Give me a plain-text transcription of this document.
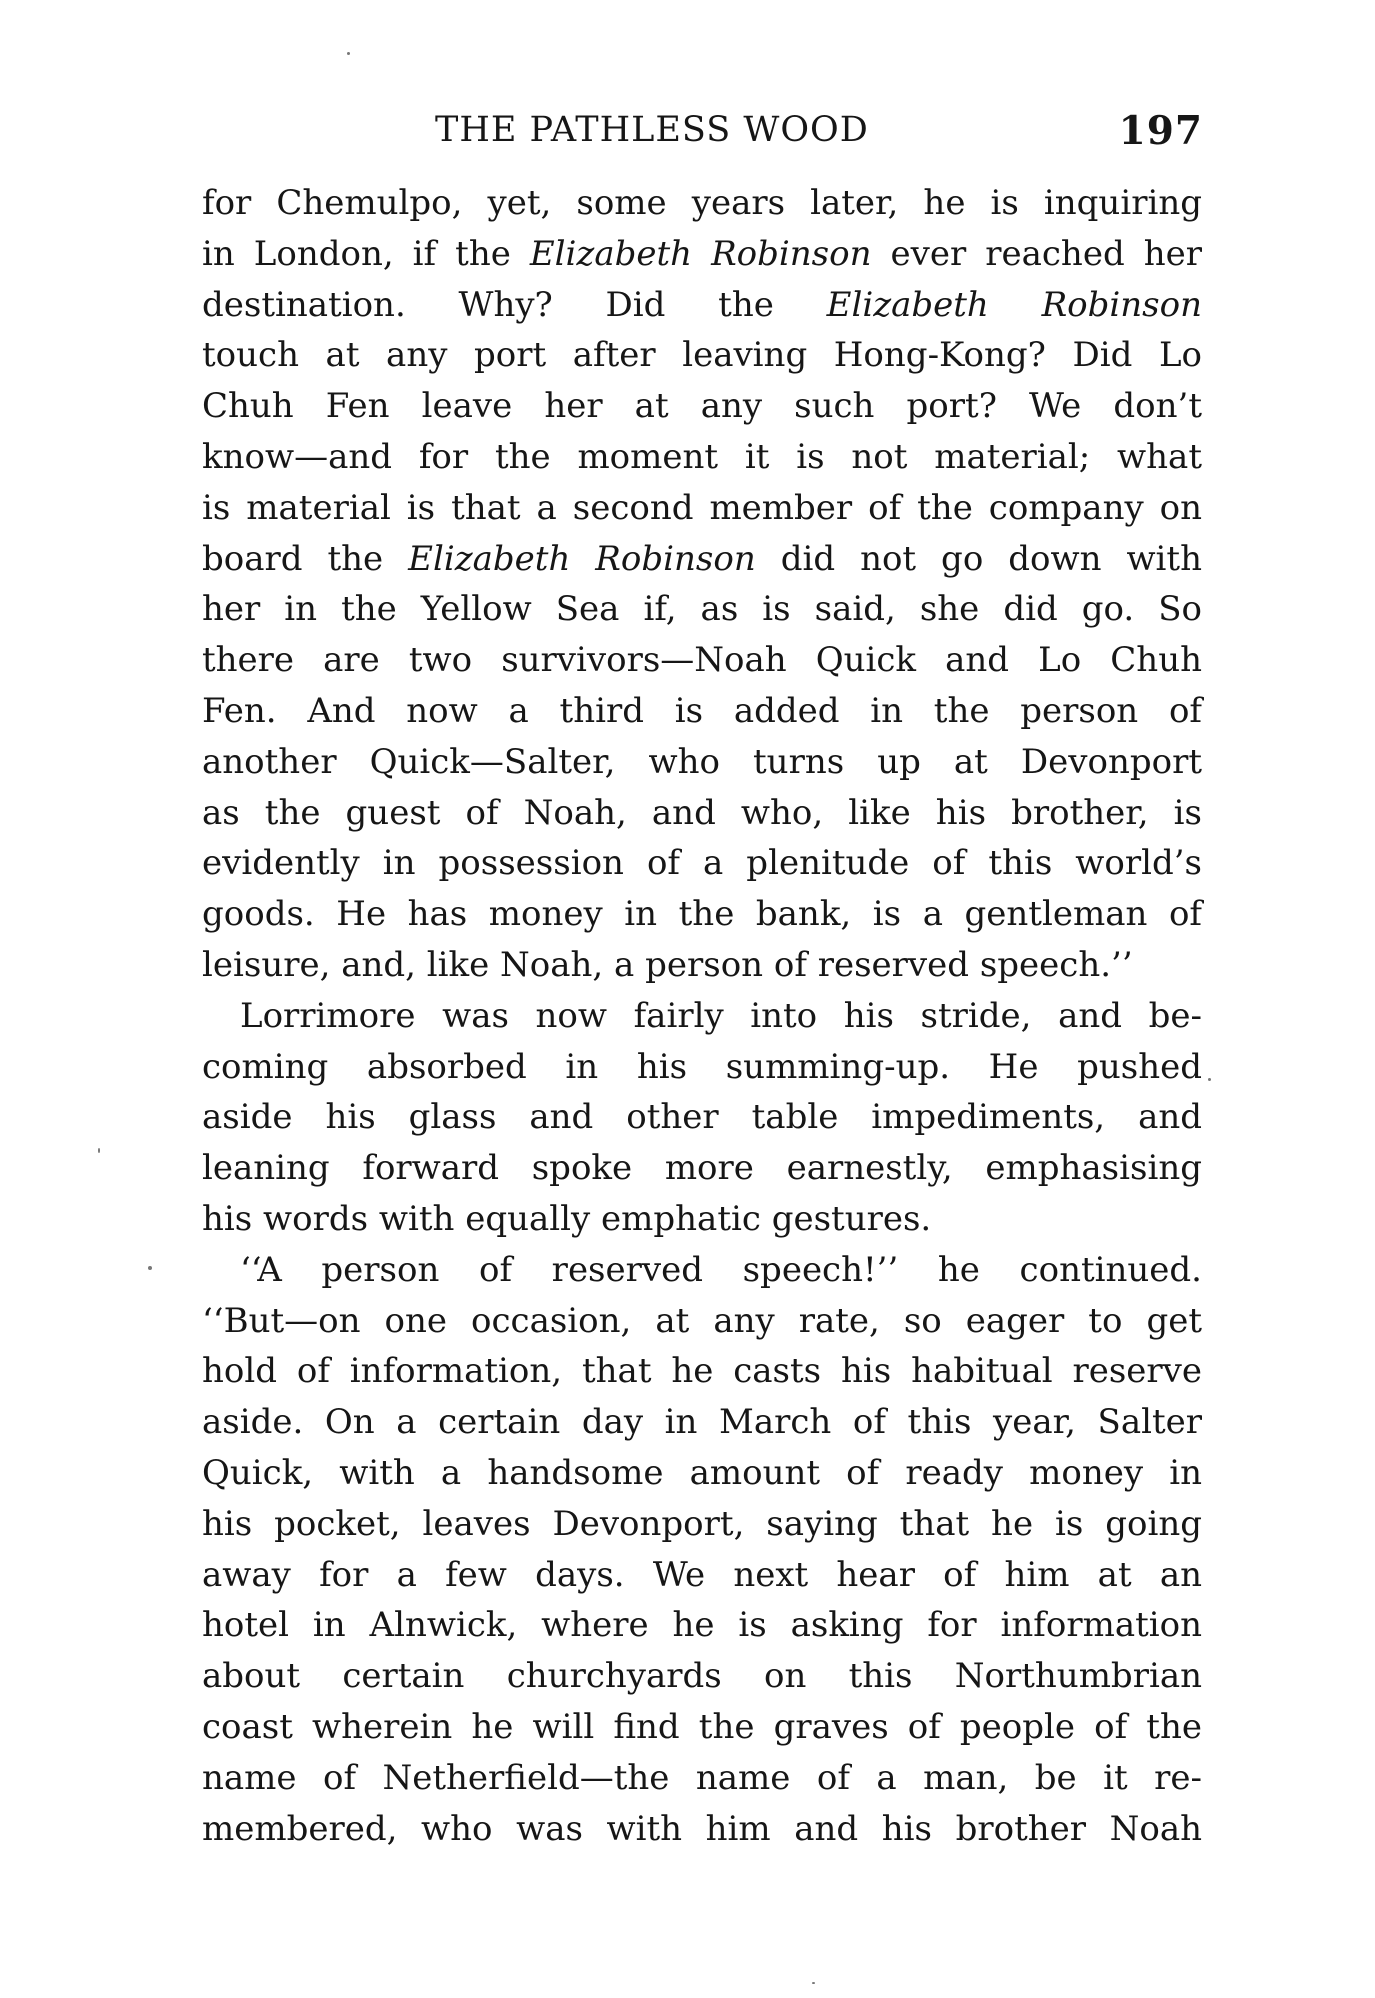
THE PATHLESS WOOD	197
for Chemulpo, yet, some years later, he is inquiring
in London, if the Elizabeth Robinson ever reached her
destination. Why? Did the Elizabeth Robinson
touch at any port after leaving Hong-Kong? Did Lo
Chuh Fen leave her at any such port? We don’t
know—and for the moment it is not material; what
is material is that a second member of the company on
board the Elizabeth Robinson did not go down with
her in the Yellow Sea if, as is said, she did go. So
there are two survivors—Noah Quick and Lo Chuh
Fen. And now a third is added in the person of
another Quick—Salter, who turns up at Devonport
as the guest of Noah, and who, like his brother, is
evidently in possession of a plenitude of this world’s
goods. He has money in the bank, is a gentleman of
leisure, and, like Noah, a person of reserved speech.’’
Lorrimore was now fairly into his stride, and be-
coming absorbed in his summing-up. He pushed
aside his glass and other table impediments, and
leaning forward spoke more earnestly, emphasising
his words with equally emphatic gestures.
‘‘A person of reserved speech!’’ he continued.
‘‘But—on one occasion, at any rate, so eager to get
hold of information, that he casts his habitual reserve
aside. On a certain day in March of this year, Salter
Quick, with a handsome amount of ready money in
his pocket, leaves Devonport, saying that he is going
away for a few days. We next hear of him at an
hotel in Alnwick, where he is asking for information
about certain churchyards on this Northumbrian
coast wherein he will find the graves of people of the
name of Netherfield—the name of a man, be it re-
membered, who was with him and his brother Noah
